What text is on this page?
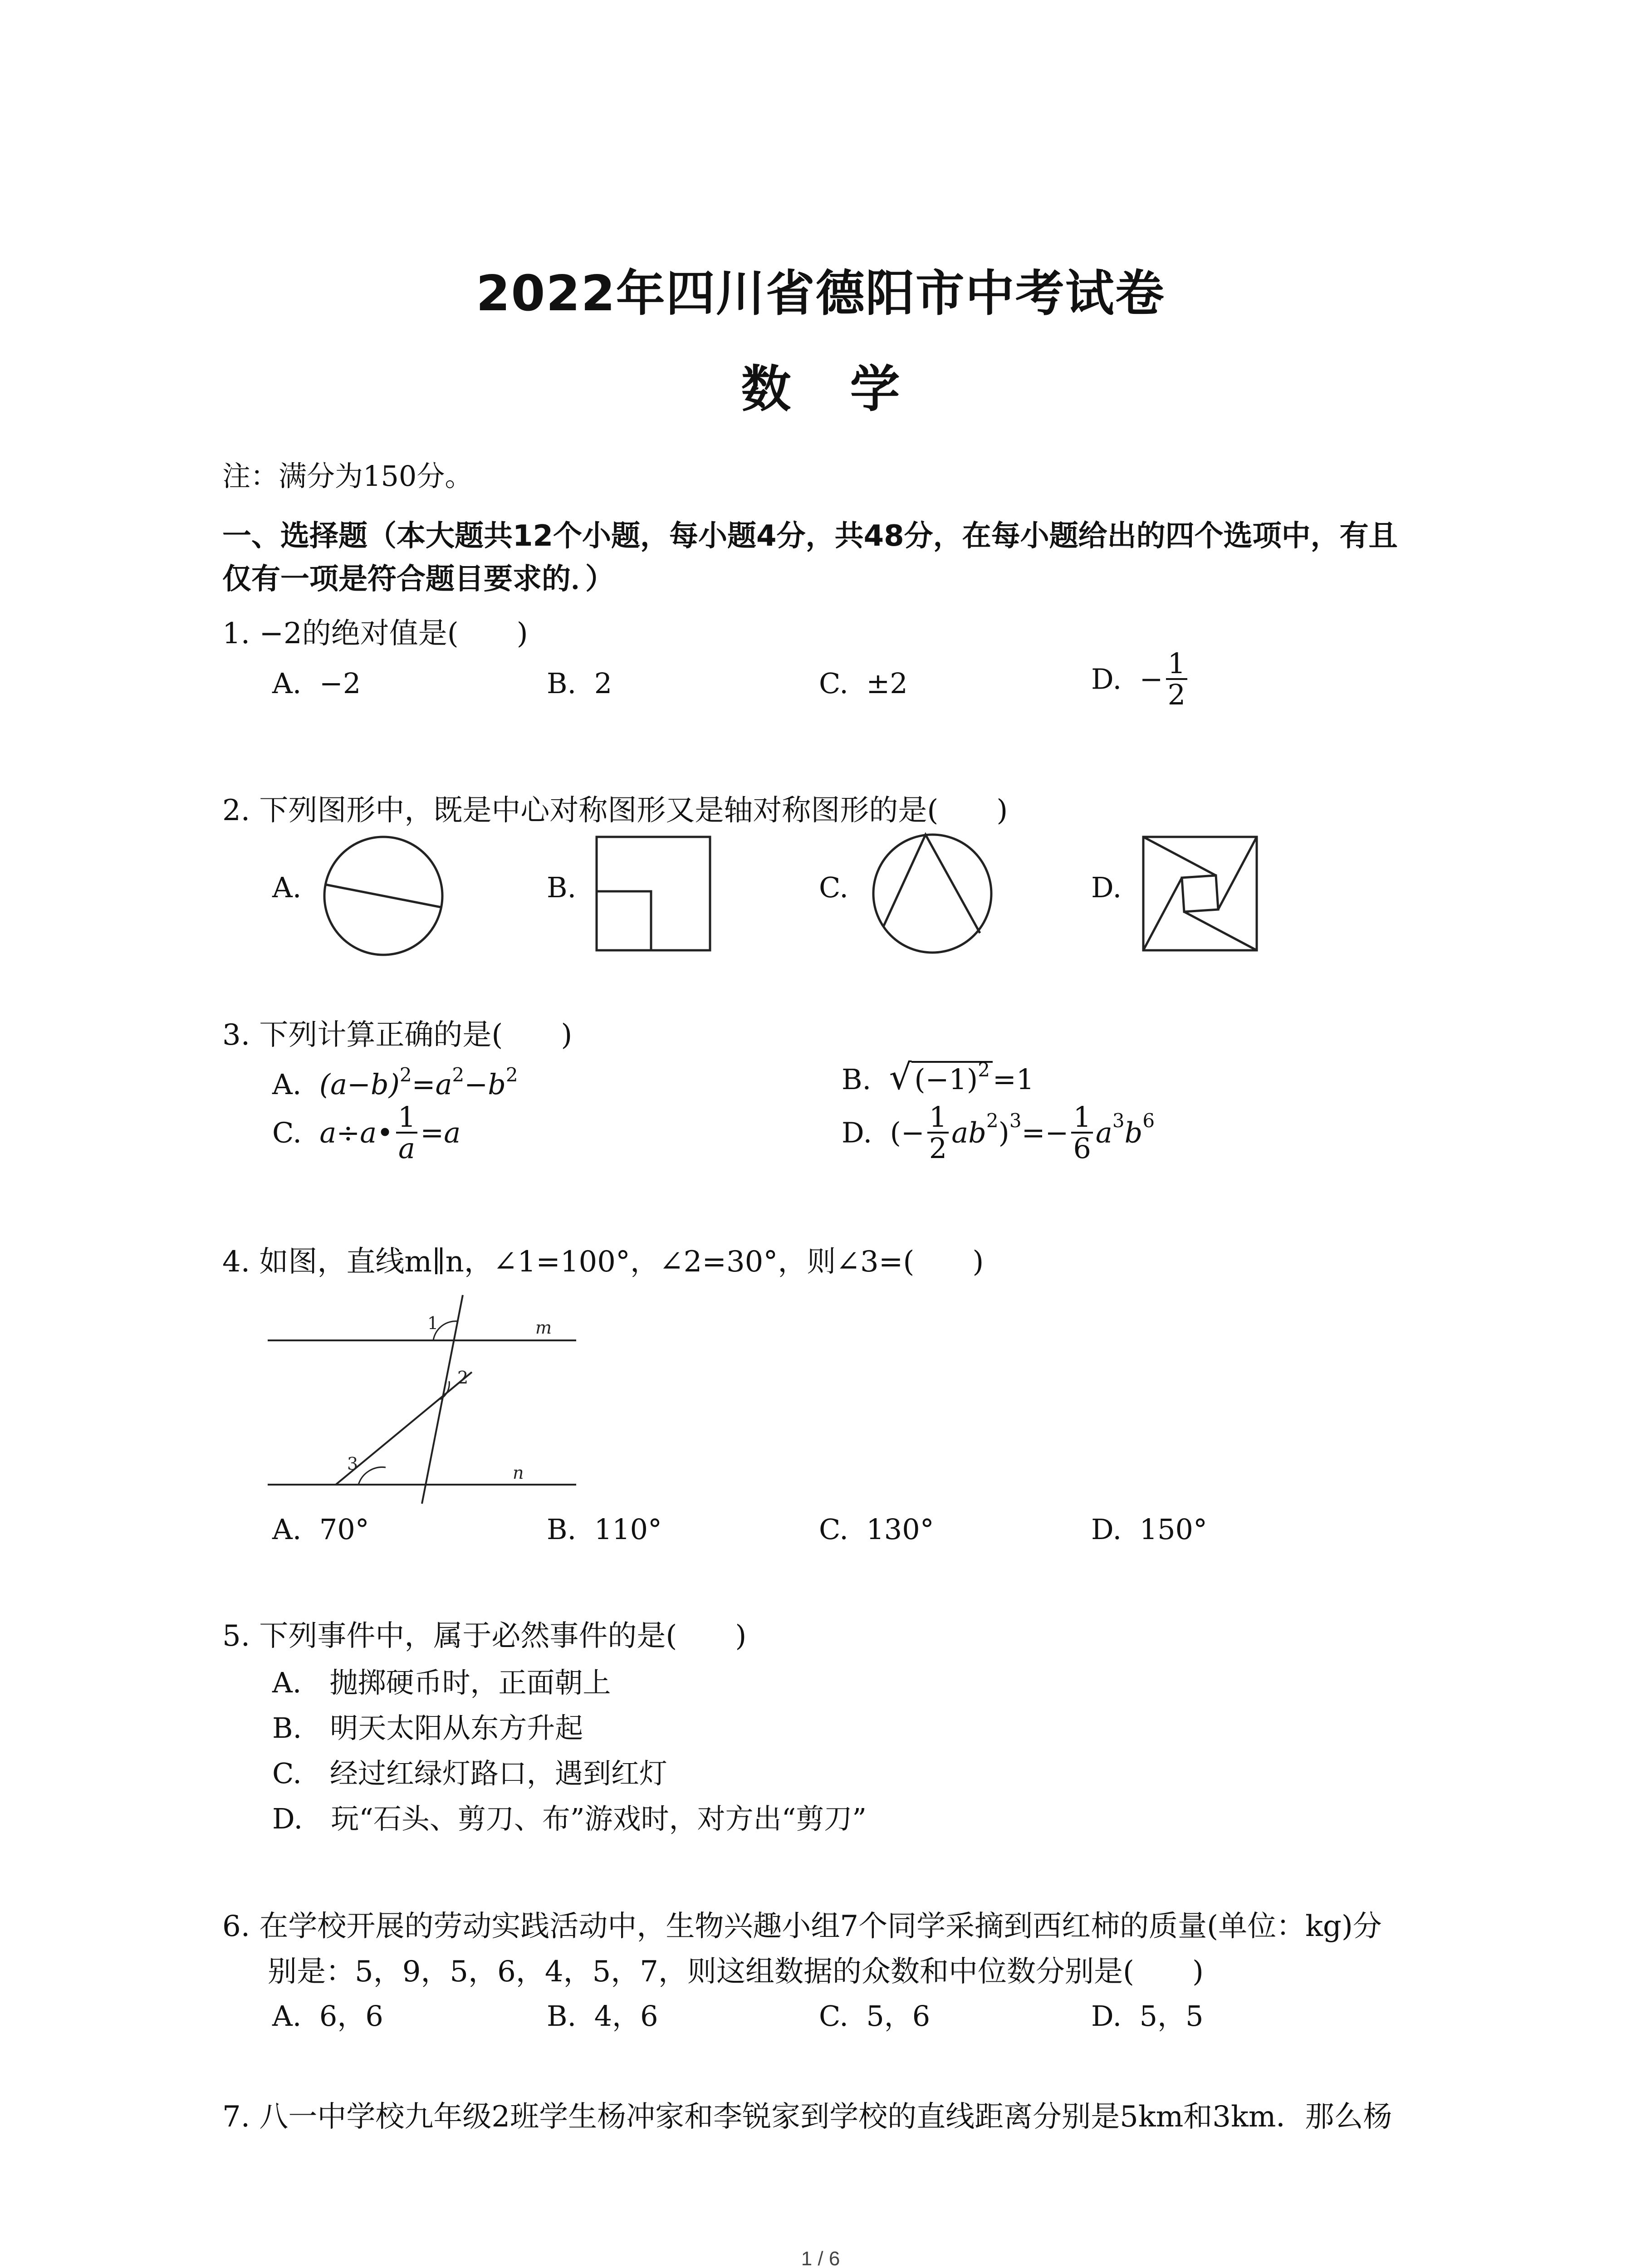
2022年四川省德阳市中考试卷
数学
注：满分为150分。
一、选择题（本大题共12个小题，每小题4分，共48分，在每小题给出的四个选项中，有且
仅有一项是符合题目要求的．）
1. −2的绝对值是(　　)
A. −2	B. 2	C. ±2	D. − $\frac{1}{2}$
2. 下列图形中，既是中心对称图形又是轴对称图形的是(　　)
A.	B.	C.	D.
3. 下列计算正确的是(　　)
A. $(a-b)^2=a^2-b^2$	B. $√(-1)^2=1$
C. a÷a• $\frac{1}{a} =a$	D. (− $\frac{1}{2} ab^2)^3=- \frac{1}{6} a^3b^6$
4. 如图，直线m∥n，∠1=100°，∠2=30°，则∠3=(　　)
1
2
3
m
n
A. 70°	B. 110°	C. 130°	D. 150°
5. 下列事件中，属于必然事件的是(　　)
A.　抛掷硬币时，正面朝上
B.　明天太阳从东方升起
C.　经过红绿灯路口，遇到红灯
D.　玩“石头、剪刀、布”游戏时，对方出“剪刀”
6. 在学校开展的劳动实践活动中，生物兴趣小组7个同学采摘到西红柿的质量(单位：kg)分
别是：5，9，5，6，4，5，7，则这组数据的众数和中位数分别是(　　)
A. 6，6	B. 4，6	C. 5，6	D. 5，5
7. 八一中学校九年级2班学生杨冲家和李锐家到学校的直线距离分别是5km和3km．那么杨
1 / 6
